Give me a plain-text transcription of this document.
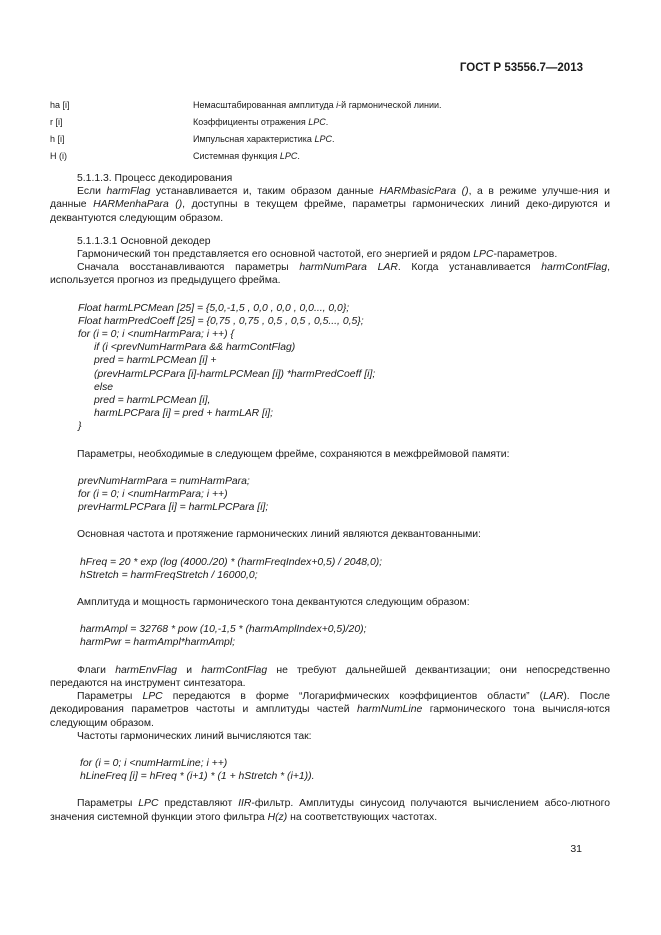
ГОСТ Р 53556.7—2013
ha [i]	Немасштабированная амплитуда i-й гармонической линии.
r [i]	Коэффициенты отражения LPC.
h [i]	Импульсная характеристика LPC.
H (i)	Системная функция LPC.

5.1.1.3. Процесс декодирования

Если harmFlag устанавливается и, таким образом данные HARMbasicPara (), а в режиме улучше-ния и данные HARMenhaPara (), доступны в текущем фрейме, параметры гармонических линий деко-дируются и деквантуются следующим образом.

5.1.1.3.1 Основной декодер

Гармонический тон представляется его основной частотой, его энергией и рядом LPC-параметров.

Сначала восстанавливаются параметры harmNumPara LAR. Когда устанавливается harmContFlag, используется прогноз из предыдущего фрейма.

Float harmLPCMean [25] = {5,0,-1,5 , 0,0 , 0,0 , 0,0..., 0,0};

Float harmPredCoeff [25] = {0,75 , 0,75 , 0,5 , 0,5 , 0,5..., 0,5};

for (i = 0; i <numHarmPara; i ++) {

if (i <prevNumHarmPara && harmContFlag)

pred = harmLPCMean [i] +

(prevHarmLPCPara [i]-harmLPCMean [i]) *harmPredCoeff [i];

else

pred = harmLPCMean [i],

harmLPCPara [i] = pred + harmLAR [i];

}

Параметры, необходимые в следующем фрейме, сохраняются в межфреймовой памяти:

prevNumHarmPara = numHarmPara;

for (i = 0; i <numHarmPara; i ++)

prevHarmLPCPara [i] = harmLPCPara [i];

Основная частота и протяжение гармонических линий являются деквантованными:

hFreq = 20 * exp (log (4000./20) * (harmFreqIndex+0,5) / 2048,0);

hStretch = harmFreqStretch / 16000,0;

Амплитуда и мощность гармонического тона деквантуются следующим образом:

harmAmpl = 32768 * pow (10,-1,5 * (harmAmplIndex+0,5)/20);

harmPwr = harmAmpl*harmAmpl;

Флаги harmEnvFlag и harmContFlag не требуют дальнейшей деквантизации; они непосредственно передаются на инструмент синтезатора.

Параметры LPC передаются в форме “Логарифмических коэффициентов области” (LAR). После декодирования параметров частоты и амплитуды частей harmNumLine гармонического тона вычисля-ются следующим образом.

Частоты гармонических линий вычисляются так:

for (i = 0; i <numHarmLine; i ++)

hLineFreq [i] = hFreq * (i+1) * (1 + hStretch * (i+1)).

Параметры LPC представляют IIR-фильтр. Амплитуды синусоид получаются вычислением абсо-лютного значения системной функции этого фильтра H(z) на соответствующих частотах.

31
